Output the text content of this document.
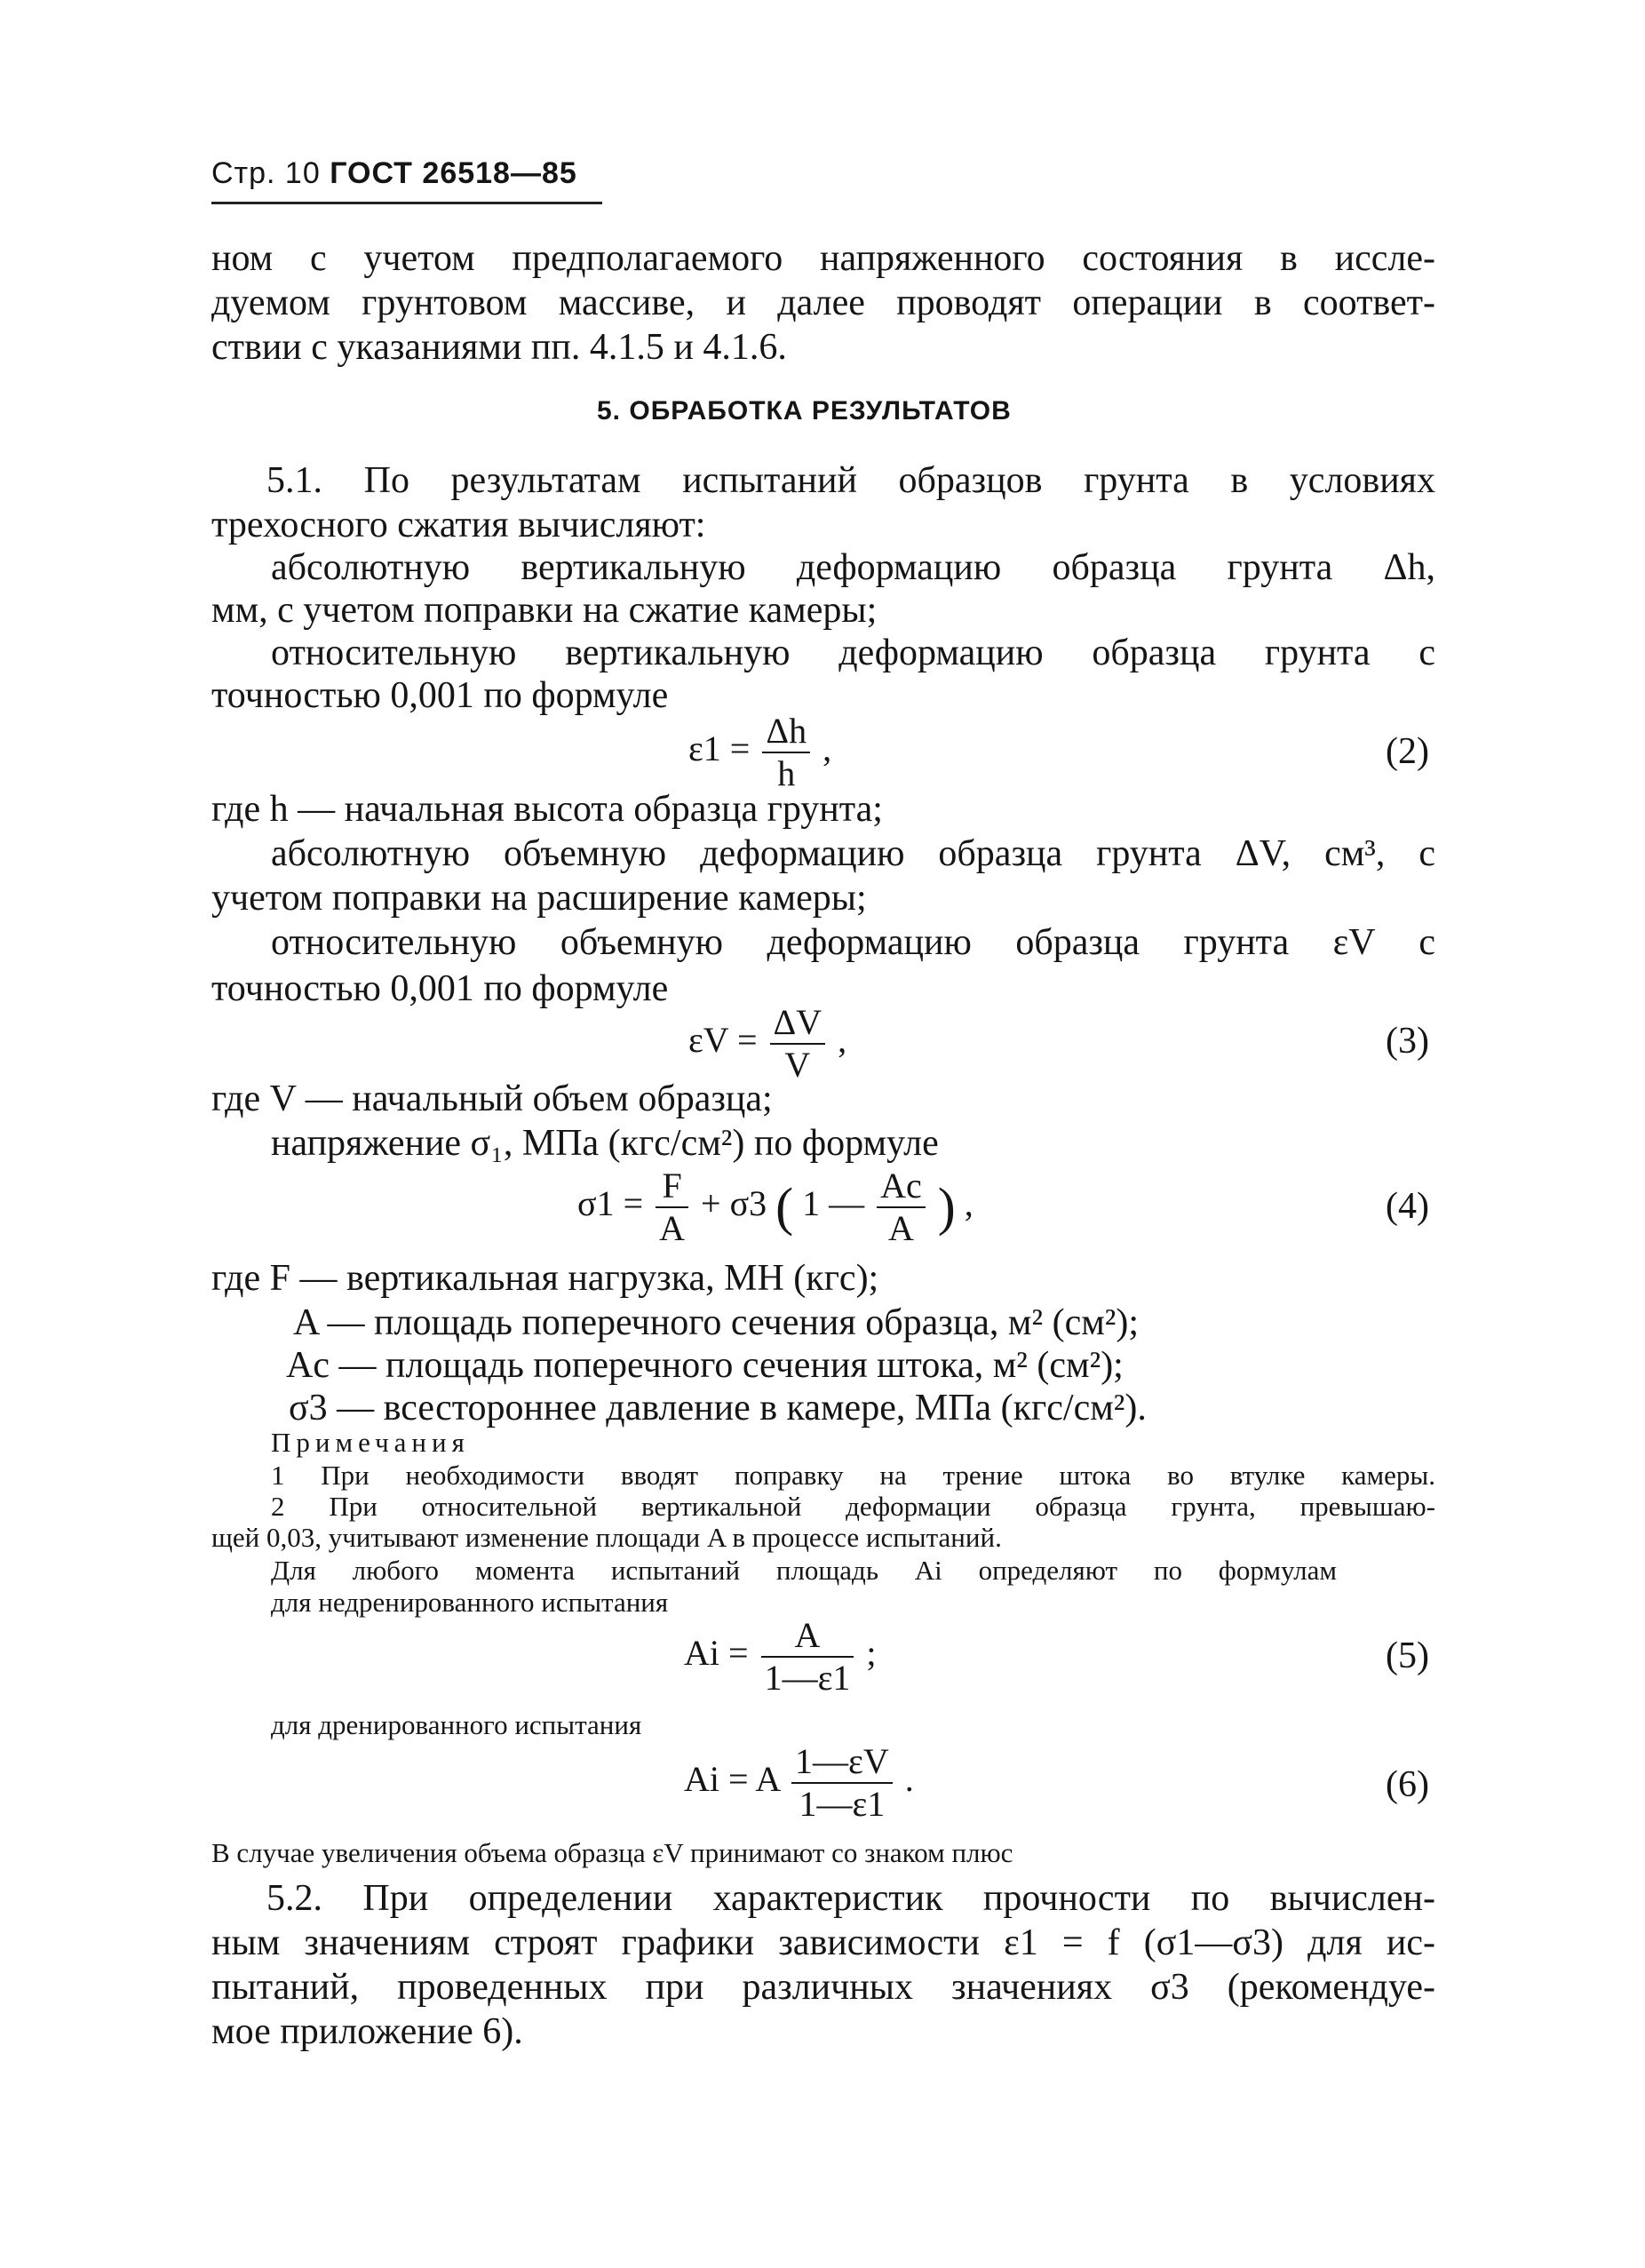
Стр. 10 ГОСТ 26518—85
ном с учетом предполагаемого напряженного состояния в иссле-
дуемом грунтовом массиве, и далее проводят операции в соответ-
ствии с указаниями пп. 4.1.5 и 4.1.6.
5. ОБРАБОТКА РЕЗУЛЬТАТОВ
5.1. По результатам испытаний образцов грунта в условиях
трехосного сжатия вычисляют:
абсолютную вертикальную деформацию образца грунта Δh,
мм, с учетом поправки на сжатие камеры;
относительную вертикальную деформацию образца грунта с
точностью 0,001 по формуле
$\varepsilon 1 = \frac{\Delta h}{h}$ ,	(2)
где h — начальная высота образца грунта;
абсолютную объемную деформацию образца грунта ΔV, см³, с
учетом поправки на расширение камеры;
относительную объемную деформацию образца грунта εV с
точностью 0,001 по формуле
$\varepsilon V = \frac{\Delta V}{V}$ ,	(3)
где V — начальный объем образца;
напряжение σ₁, МПа (кгс/см²) по формуле
$\sigma 1 = \frac{F}{A} + \sigma 3$ ( 1 — $\frac{Ac}{A}$ ) ,	(4)
где F — вертикальная нагрузка, МН (кгс);
A — площадь поперечного сечения образца, м² (см²);
Ac — площадь поперечного сечения штока, м² (см²);
σ3 — всестороннее давление в камере, МПа (кгс/см²).
Примечания
1 При необходимости вводят поправку на трение штока во втулке камеры.
2 При относительной вертикальной деформации образца грунта, превышаю-
щей 0,03, учитывают изменение площади A в процессе испытаний.
Для любого момента испытаний площадь Ai определяют по формулам
для недренированного испытания
$Ai = \frac{A}{1—\varepsilon 1}$ ;	(5)
для дренированного испытания
Ai = A $\frac{1—\varepsilon V}{1—\varepsilon 1}$ .	(6)
В случае увеличения объема образца εV принимают со знаком плюс
5.2. При определении характеристик прочности по вычислен-
ным значениям строят графики зависимости ε1 = f (σ1—σ3) для ис-
пытаний, проведенных при различных значениях σ3 (рекомендуе-
мое приложение 6).
